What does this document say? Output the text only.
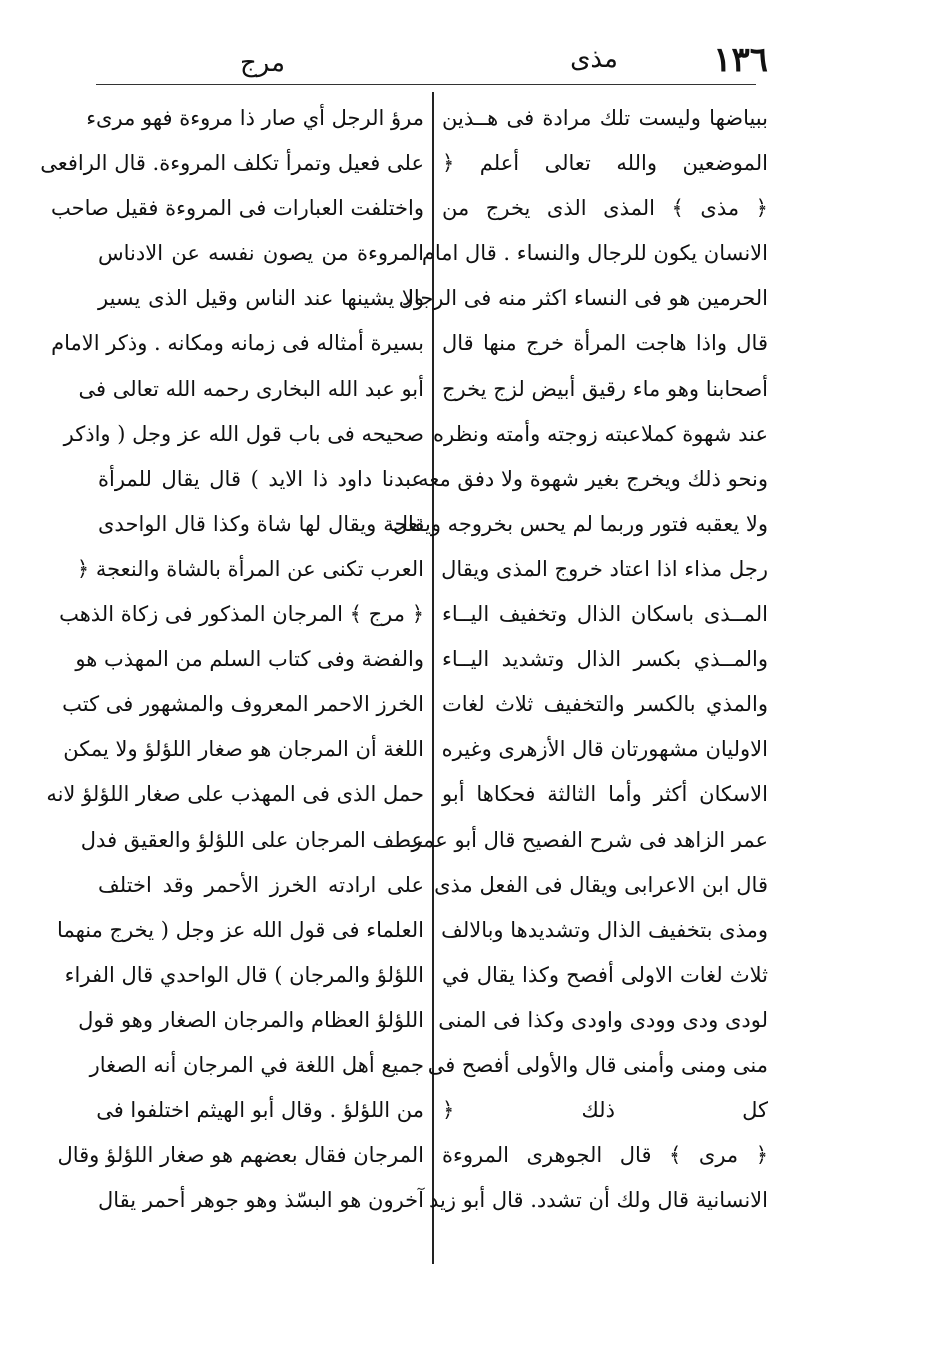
١٣٦
مذى
مرج
ببياضها وليست تلك مرادة فى هــذين
الموضعين والله تعالى أعلم ﴿
﴿ مذى ﴾ المذى الذى يخرج من
الانسان يكون للرجال والنساء . قال امام
الحرمين هو فى النساء اكثر منه فى الرجال
قال واذا هاجت المرأة خرج منها قال
أصحابنا وهو ماء رقيق أبيض لزج يخرج
عند شهوة كملاعبته زوجته وأمته ونظره
ونحو ذلك ويخرج بغير شهوة ولا دفق معه
ولا يعقبه فتور وربما لم يحس بخروجه ويقال
رجل مذاء اذا اعتاد خروج المذى ويقال
المــذى باسكان الذال وتخفيف اليــاء
والمــذي بكسر الذال وتشديد اليــاء
والمذي بالكسر والتخفيف ثلاث لغات
الاوليان مشهورتان قال الأزهرى وغيره
الاسكان أكثر وأما الثالثة فحكاها أبو
عمر الزاهد فى شرح الفصيح قال أبو عمر
قال ابن الاعرابى ويقال فى الفعل مذى
ومذى بتخفيف الذال وتشديدها وبالالف
ثلاث لغات الاولى أفصح وكذا يقال في
لودى ودى وودى واودى وكذا فى المنى
منى ومنى وأمنى قال والأولى أفصح فى
كل ذلك ﴿
﴿ مرى ﴾ قال الجوهرى المروءة
الانسانية قال ولك أن تشدد. قال أبو زيد
مرؤ الرجل أي صار ذا مروءة فهو مرىء
على فعيل وتمرأ تكلف المروءة. قال الرافعى
واختلفت العبارات فى المروءة فقيل صاحب
المروءة من يصون نفسه عن الادناس
ولا يشينها عند الناس وقيل الذى يسير
بسيرة أمثاله فى زمانه ومكانه . وذكر الامام
أبو عبد الله البخارى رحمه الله تعالى فى
صحيحه فى باب قول الله عز وجل ( واذكر
عبدنا داود ذا الايد ) قال يقال للمرأة
نعجة ويقال لها شاة وكذا قال الواحدى
العرب تكنى عن المرأة بالشاة والنعجة ﴿
﴿ مرج ﴾ المرجان المذكور فى زكاة الذهب
والفضة وفى كتاب السلم من المهذب هو
الخرز الاحمر المعروف والمشهور فى كتب
اللغة أن المرجان هو صغار اللؤلؤ ولا يمكن
حمل الذى فى المهذب على صغار اللؤلؤ لانه
عطف المرجان على اللؤلؤ والعقيق فدل
على ارادته الخرز الأحمر وقد اختلف
العلماء فى قول الله عز وجل ( يخرج منهما
اللؤلؤ والمرجان ) قال الواحدي قال الفراء
اللؤلؤ العظام والمرجان الصغار وهو قول
جميع أهل اللغة في المرجان أنه الصغار
من اللؤلؤ . وقال أبو الهيثم اختلفوا فى
المرجان فقال بعضهم هو صغار اللؤلؤ وقال
آخرون هو البسّذ وهو جوهر أحمر يقال
